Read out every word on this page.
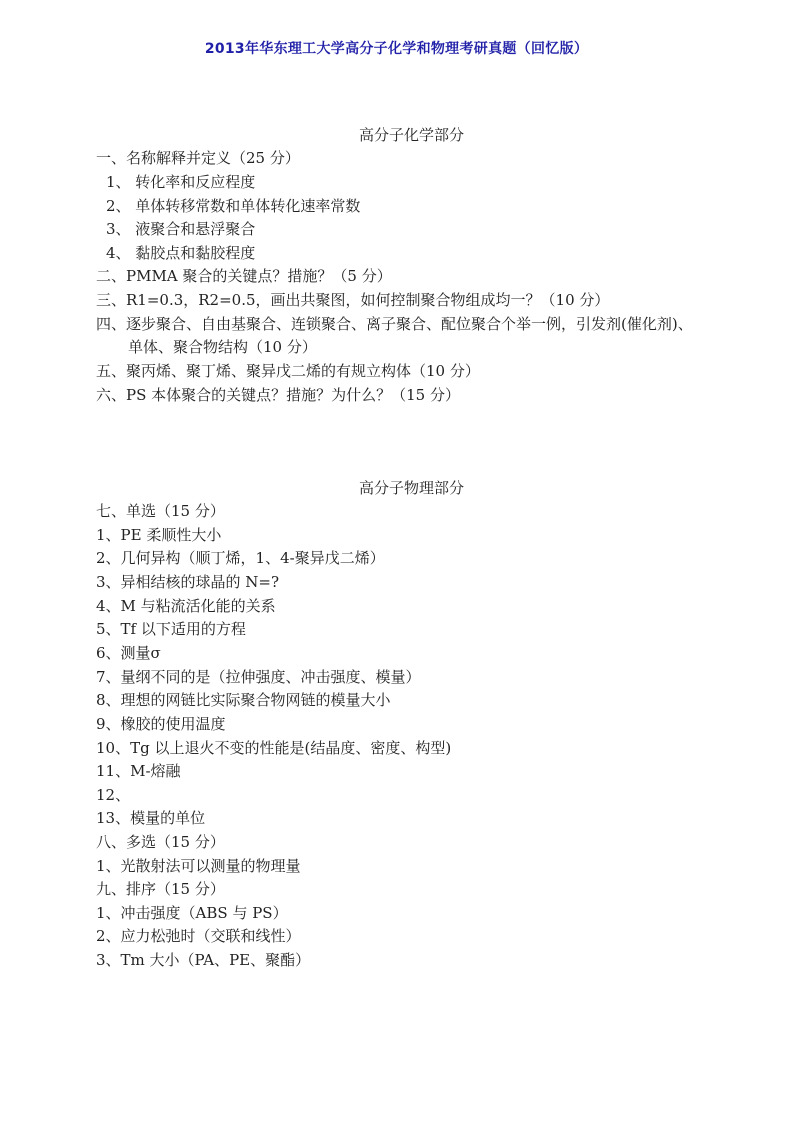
2013年华东理工大学高分子化学和物理考研真题（回忆版）
高分子化学部分
一、名称解释并定义（25 分）
1、 转化率和反应程度
2、 单体转移常数和单体转化速率常数
3、 液聚合和悬浮聚合
4、 黏胶点和黏胶程度
二、PMMA 聚合的关键点？措施？（5 分）
三、R1=0.3，R2=0.5，画出共聚图，如何控制聚合物组成均一？（10 分）
四、逐步聚合、自由基聚合、连锁聚合、离子聚合、配位聚合个举一例，引发剂(催化剂)、
单体、聚合物结构（10 分）
五、聚丙烯、聚丁烯、聚异戊二烯的有规立构体（10 分）
六、PS 本体聚合的关键点？措施？为什么？（15 分）
高分子物理部分
七、单选（15 分）
1、PE 柔顺性大小
2、几何异构（顺丁烯，1、4-聚异戊二烯）
3、异相结核的球晶的 N=?
4、M 与粘流活化能的关系
5、Tf 以下适用的方程
6、测量σ
7、量纲不同的是（拉伸强度、冲击强度、模量）
8、理想的网链比实际聚合物网链的模量大小
9、橡胶的使用温度
10、Tg 以上退火不变的性能是(结晶度、密度、构型)
11、M-熔融
12、
13、模量的单位
八、多选（15 分）
1、光散射法可以测量的物理量
九、排序（15 分）
1、冲击强度（ABS 与 PS）
2、应力松弛时（交联和线性）
3、Tm 大小（PA、PE、聚酯）
